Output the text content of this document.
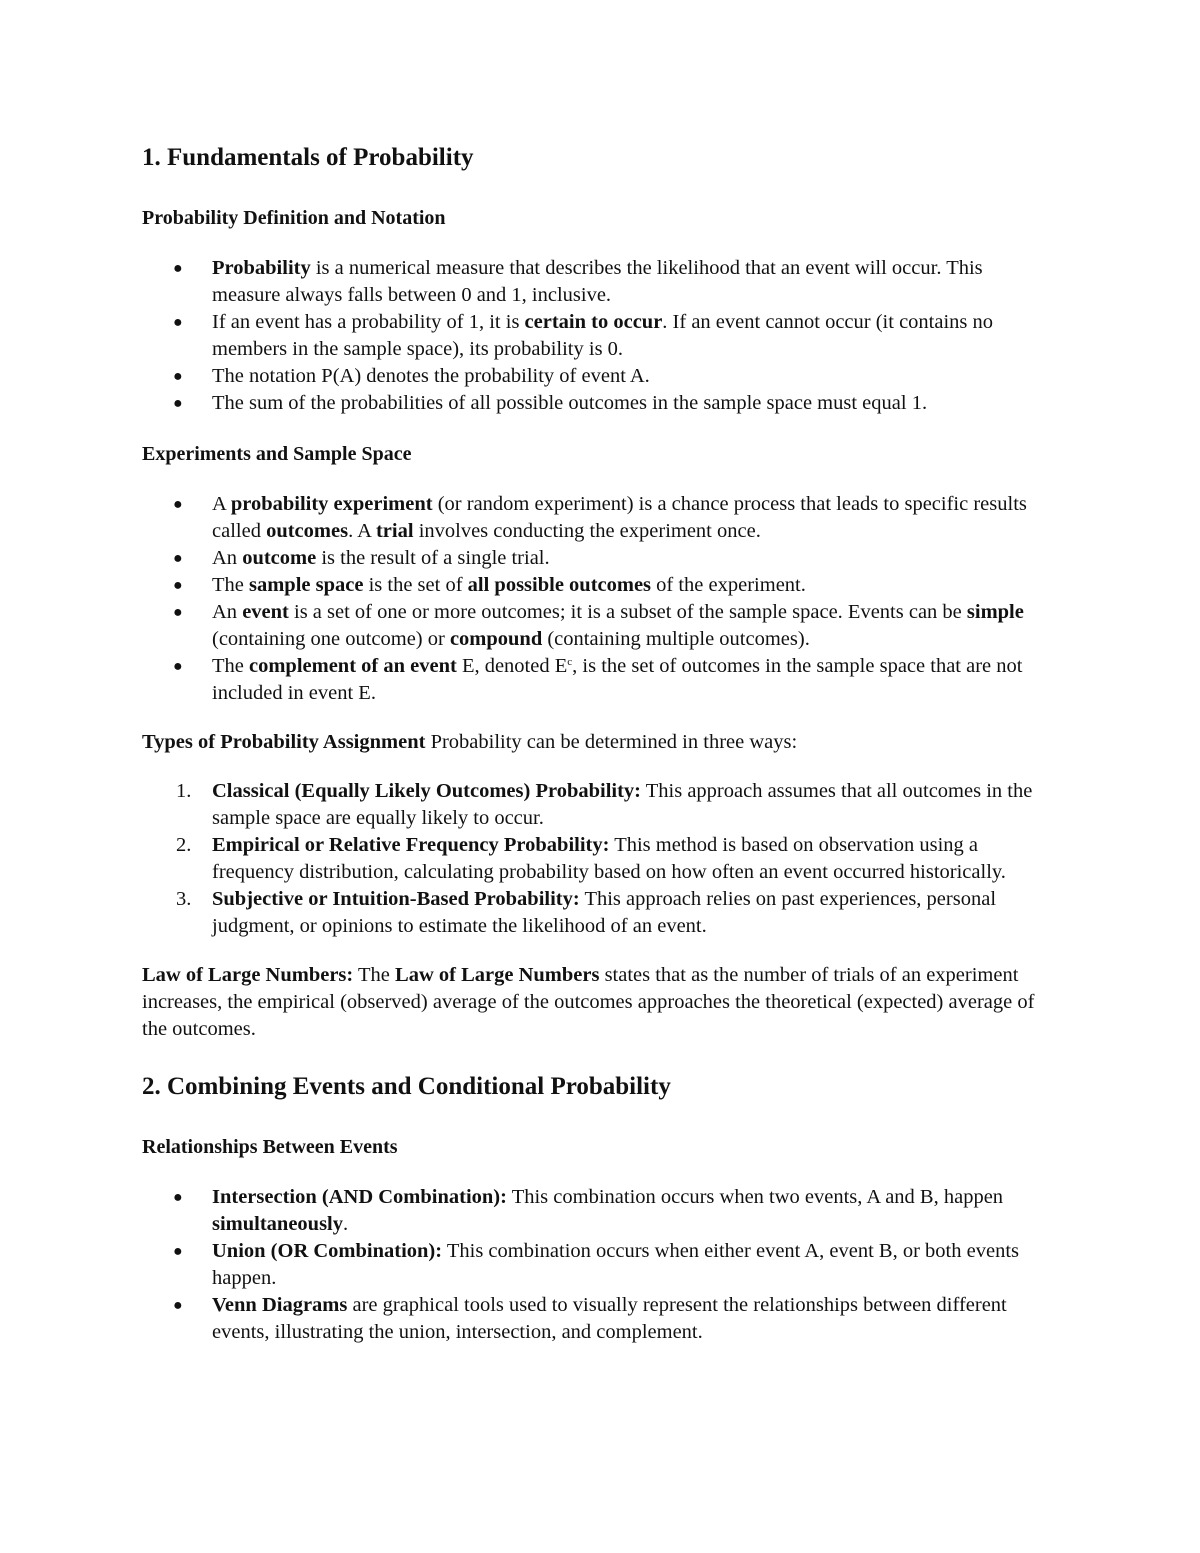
1. Fundamentals of Probability
Probability Definition and Notation
● Probability is a numerical measure that describes the likelihood that an event will occur. This measure always falls between 0 and 1, inclusive.
● If an event has a probability of 1, it is certain to occur. If an event cannot occur (it contains no members in the sample space), its probability is 0.
● The notation P(A) denotes the probability of event A.
● The sum of the probabilities of all possible outcomes in the sample space must equal 1.
Experiments and Sample Space
● A probability experiment (or random experiment) is a chance process that leads to specific results called outcomes. A trial involves conducting the experiment once.
● An outcome is the result of a single trial.
● The sample space is the set of all possible outcomes of the experiment.
● An event is a set of one or more outcomes; it is a subset of the sample space. Events can be simple (containing one outcome) or compound (containing multiple outcomes).
● The complement of an event E, denoted $E^c$, is the set of outcomes in the sample space that are not included in event E.

Types of Probability Assignment Probability can be determined in three ways:

1. Classical (Equally Likely Outcomes) Probability: This approach assumes that all outcomes in the sample space are equally likely to occur.
2. Empirical or Relative Frequency Probability: This method is based on observation using a frequency distribution, calculating probability based on how often an event occurred historically.
3. Subjective or Intuition-Based Probability: This approach relies on past experiences, personal judgment, or opinions to estimate the likelihood of an event.

Law of Large Numbers: The Law of Large Numbers states that as the number of trials of an experiment increases, the empirical (observed) average of the outcomes approaches the theoretical (expected) average of the outcomes.

2. Combining Events and Conditional Probability
Relationships Between Events
● Intersection (AND Combination): This combination occurs when two events, A and B, happen simultaneously.
● Union (OR Combination): This combination occurs when either event A, event B, or both events happen.
● Venn Diagrams are graphical tools used to visually represent the relationships between different events, illustrating the union, intersection, and complement.
